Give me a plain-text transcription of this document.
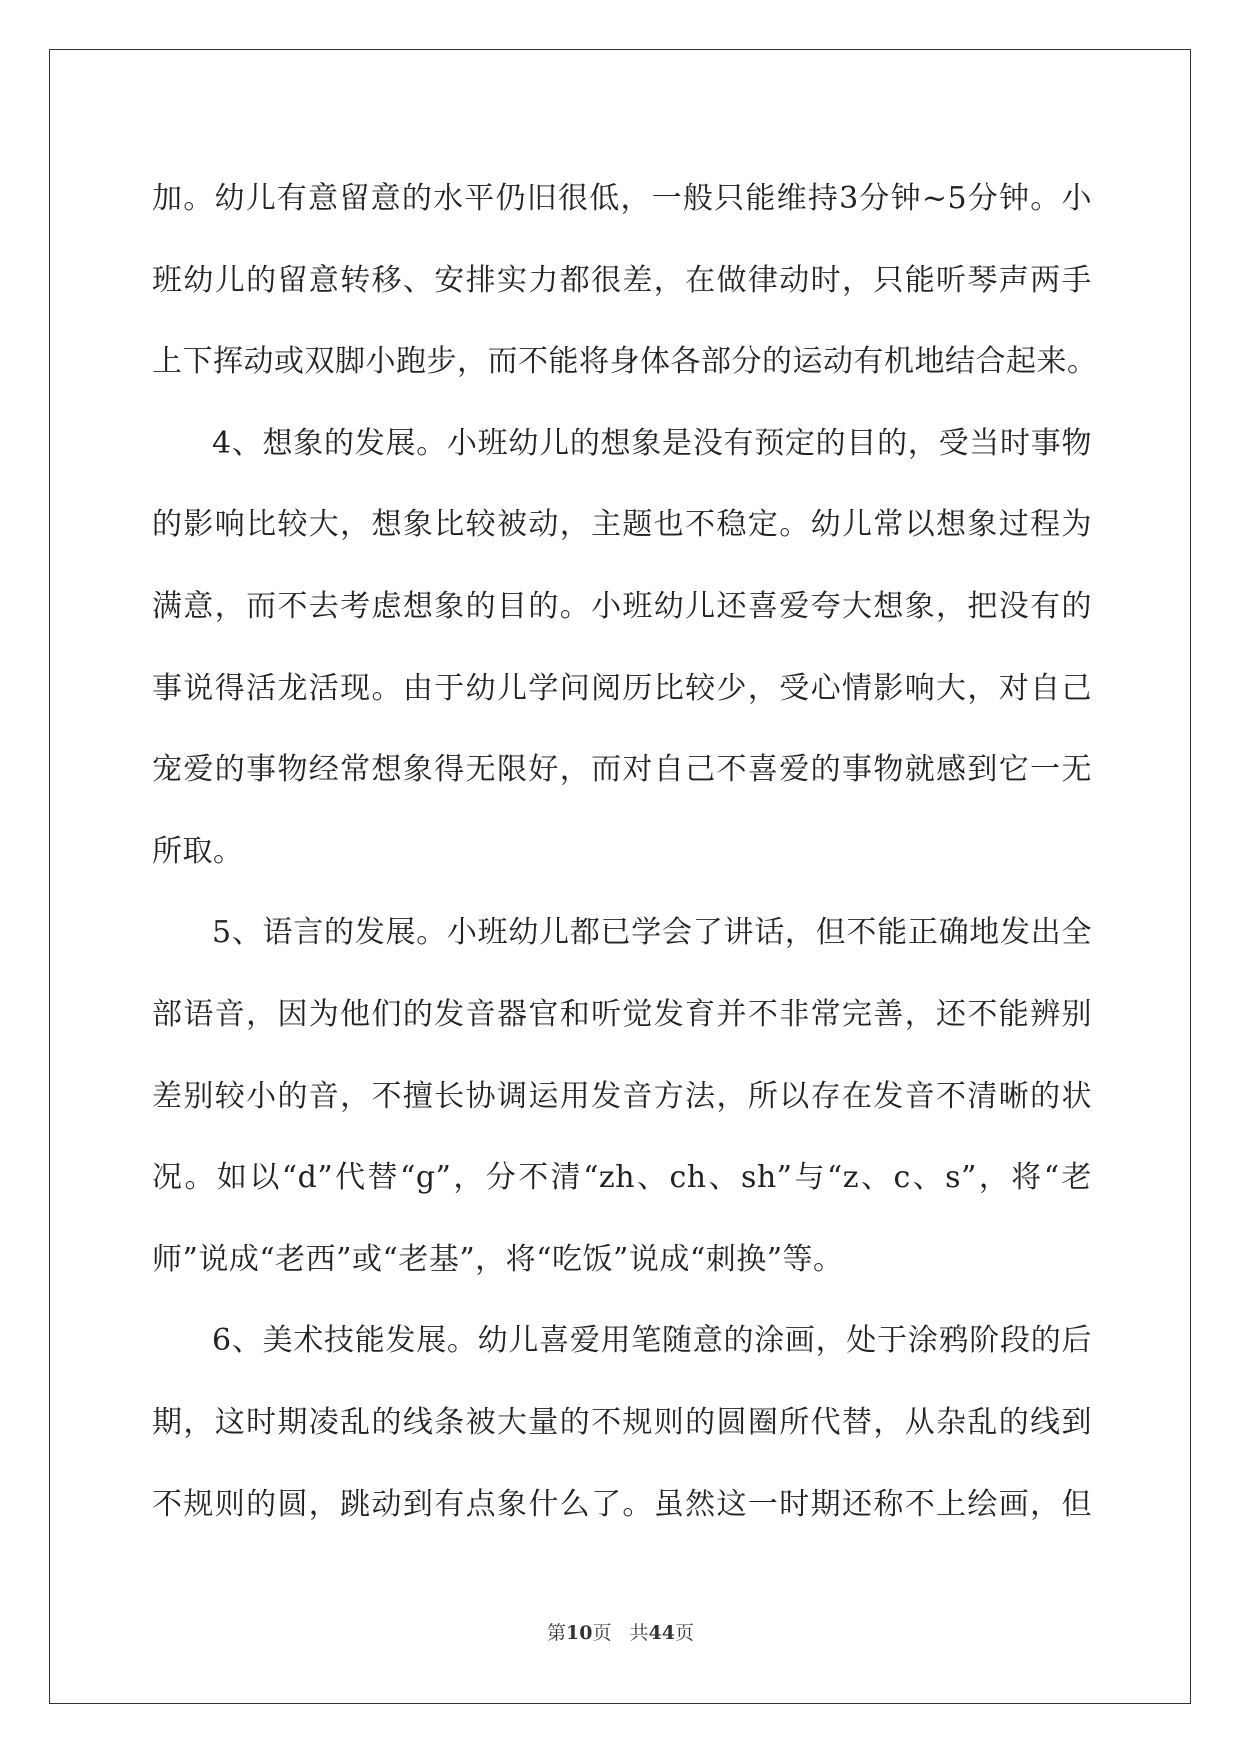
加。幼儿有意留意的水平仍旧很低，一般只能维持3分钟~5分钟。小
班幼儿的留意转移、安排实力都很差，在做律动时，只能听琴声两手
上下挥动或双脚小跑步，而不能将身体各部分的运动有机地结合起来。
4、想象的发展。小班幼儿的想象是没有预定的目的，受当时事物
的影响比较大，想象比较被动，主题也不稳定。幼儿常以想象过程为
满意，而不去考虑想象的目的。小班幼儿还喜爱夸大想象，把没有的
事说得活龙活现。由于幼儿学问阅历比较少，受心情影响大，对自己
宠爱的事物经常想象得无限好，而对自己不喜爱的事物就感到它一无
所取。
5、语言的发展。小班幼儿都已学会了讲话，但不能正确地发出全
部语音，因为他们的发音器官和听觉发育并不非常完善，还不能辨别
差别较小的音，不擅长协调运用发音方法，所以存在发音不清晰的状
况。如以“d”代替“g”，分不清“zh、ch、sh”与“z、c、s”，将“老
师”说成“老西”或“老基”，将“吃饭”说成“刺换”等。
6、美术技能发展。幼儿喜爱用笔随意的涂画，处于涂鸦阶段的后
期，这时期凌乱的线条被大量的不规则的圆圈所代替，从杂乱的线到
不规则的圆，跳动到有点象什么了。虽然这一时期还称不上绘画，但
第10页 共44页
